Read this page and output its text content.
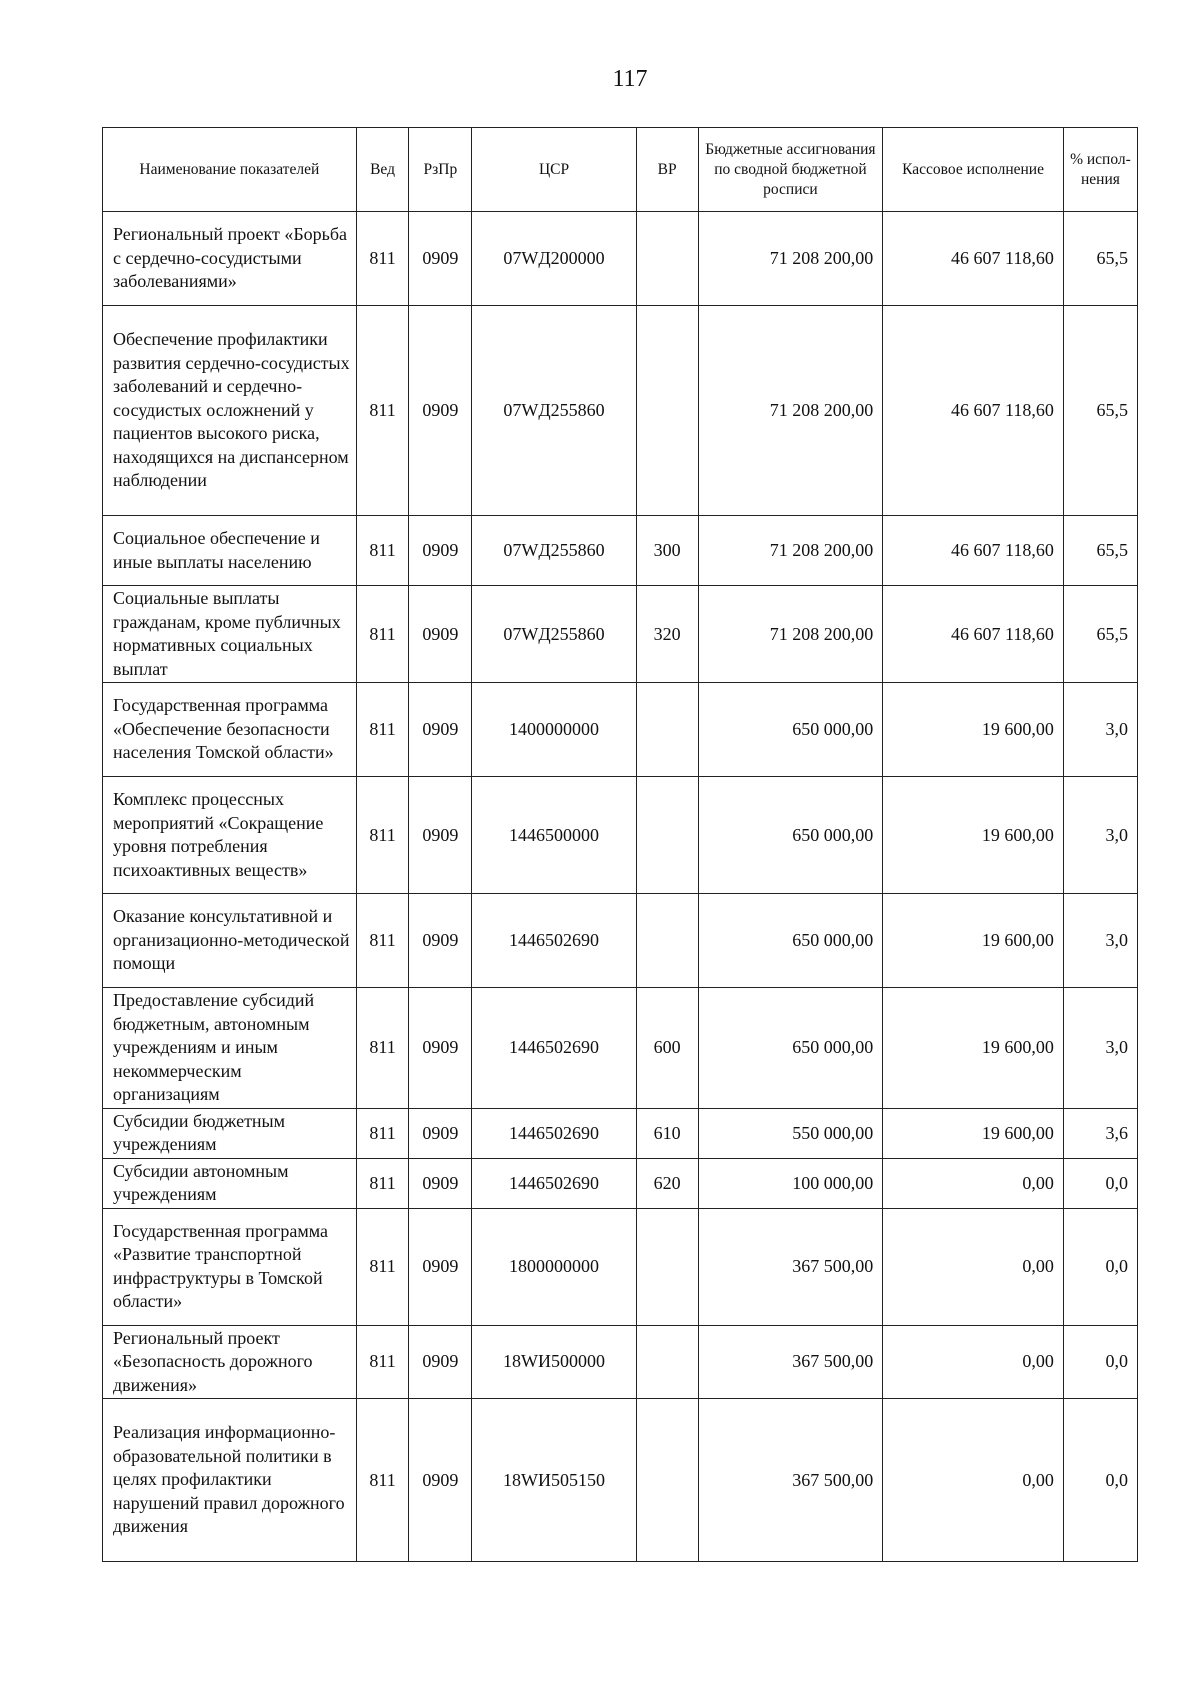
117
Наименование показателей	Вед	РзПр	ЦСР	ВР	Бюджетные ассигнования по сводной бюджетной росписи	Кассовое исполнение	% испол-нения
Региональный проект «Борьба с сердечно-сосудистыми заболеваниями»	811	0909	07WД200000		71 208 200,00	46 607 118,60	65,5
Обеспечение профилактики развития сердечно-сосудистых заболеваний и сердечно-сосудистых осложнений у пациентов высокого риска, находящихся на диспансерном наблюдении	811	0909	07WД255860		71 208 200,00	46 607 118,60	65,5
Социальное обеспечение и иные выплаты населению	811	0909	07WД255860	300	71 208 200,00	46 607 118,60	65,5
Социальные выплаты гражданам, кроме публичных нормативных социальных выплат	811	0909	07WД255860	320	71 208 200,00	46 607 118,60	65,5
Государственная программа «Обеспечение безопасности населения Томской области»	811	0909	1400000000		650 000,00	19 600,00	3,0
Комплекс процессных мероприятий «Сокращение уровня потребления психоактивных веществ»	811	0909	1446500000		650 000,00	19 600,00	3,0
Оказание консультативной и организационно-методической помощи	811	0909	1446502690		650 000,00	19 600,00	3,0
Предоставление субсидий бюджетным, автономным учреждениям и иным некоммерческим организациям	811	0909	1446502690	600	650 000,00	19 600,00	3,0
Субсидии бюджетным учреждениям	811	0909	1446502690	610	550 000,00	19 600,00	3,6
Субсидии автономным учреждениям	811	0909	1446502690	620	100 000,00	0,00	0,0
Государственная программа «Развитие транспортной инфраструктуры в Томской области»	811	0909	1800000000		367 500,00	0,00	0,0
Региональный проект «Безопасность дорожного движения»	811	0909	18WИ500000		367 500,00	0,00	0,0
Реализация информационно-образовательной политики в целях профилактики нарушений правил дорожного движения	811	0909	18WИ505150		367 500,00	0,00	0,0
